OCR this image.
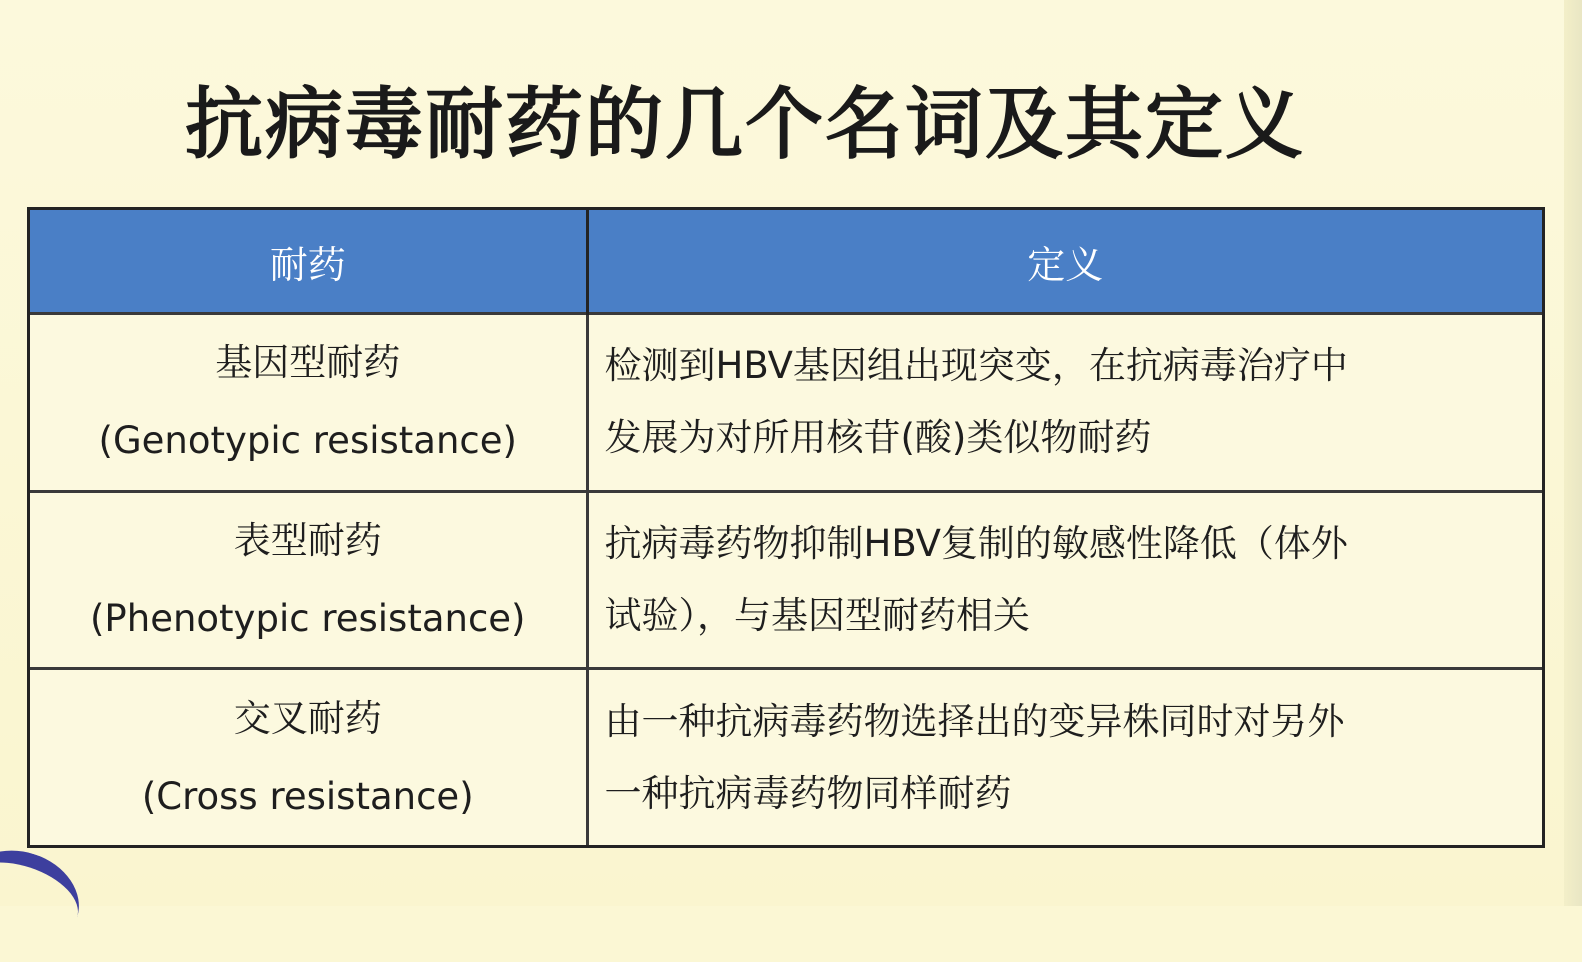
抗病毒耐药的几个名词及其定义
耐药	定义

基因型耐药
(Genotypic resistance)	检测到HBV基因组出现突变，在抗病毒治疗中
发展为对所用核苷(酸)类似物耐药

表型耐药
(Phenotypic resistance)	抗病毒药物抑制HBV复制的敏感性降低（体外
试验），与基因型耐药相关

交叉耐药
(Cross resistance)	由一种抗病毒药物选择出的变异株同时对另外
一种抗病毒药物同样耐药
